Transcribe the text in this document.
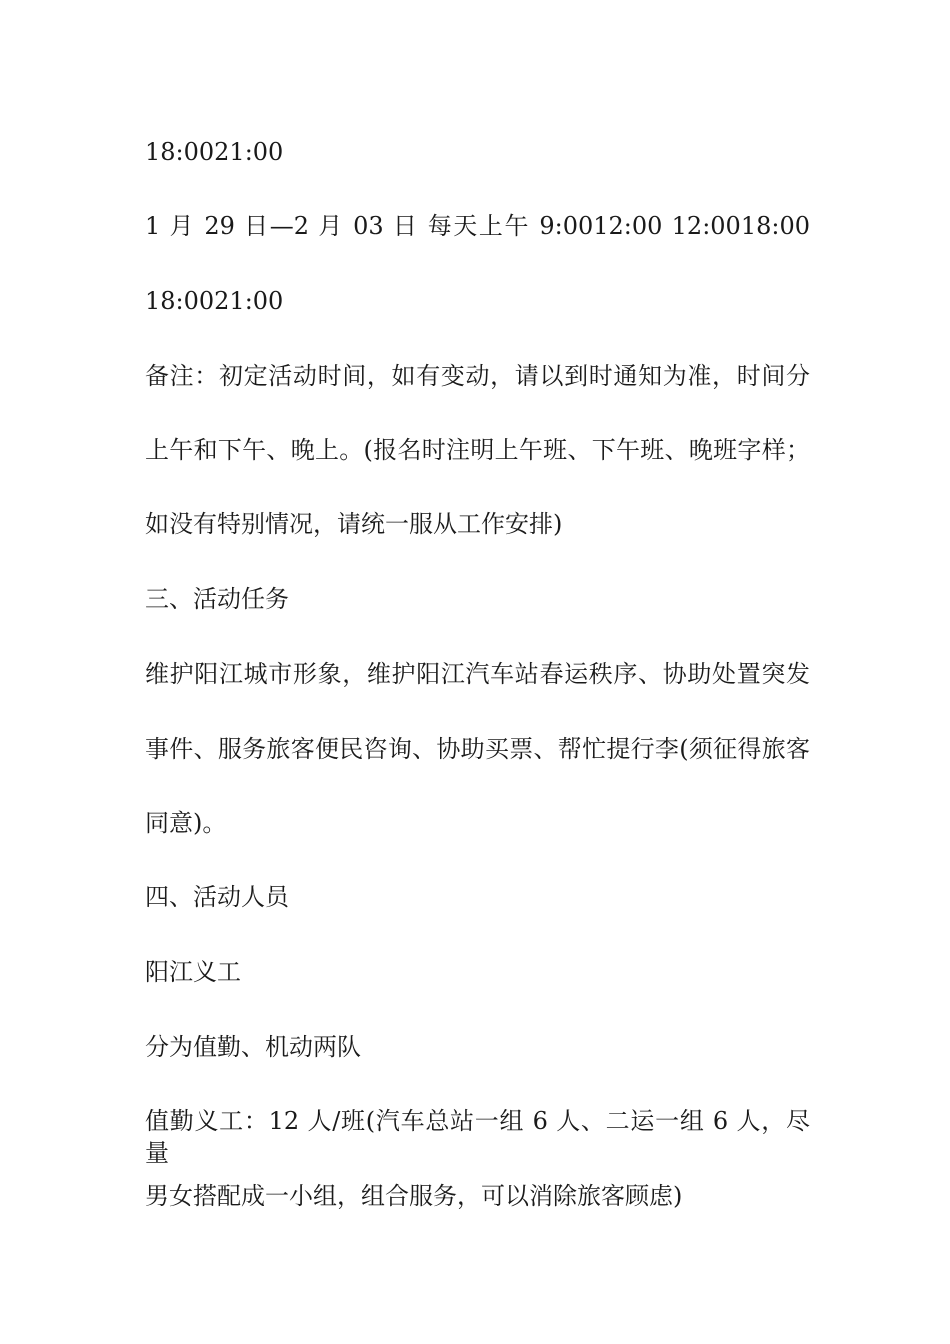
18:0021:00
1 月 29 日—2 月 03 日 每天上午 9:0012:00 12:0018:00
18:0021:00
备注：初定活动时间，如有变动，请以到时通知为准，时间分
上午和下午、晚上。(报名时注明上午班、下午班、晚班字样；
如没有特别情况，请统一服从工作安排)
三、活动任务
维护阳江城市形象，维护阳江汽车站春运秩序、协助处置突发
事件、服务旅客便民咨询、协助买票、帮忙提行李(须征得旅客
同意)。
四、活动人员
阳江义工
分为值勤、机动两队
值勤义工：12 人/班(汽车总站一组 6 人、二运一组 6 人，尽量
男女搭配成一小组，组合服务，可以消除旅客顾虑)
